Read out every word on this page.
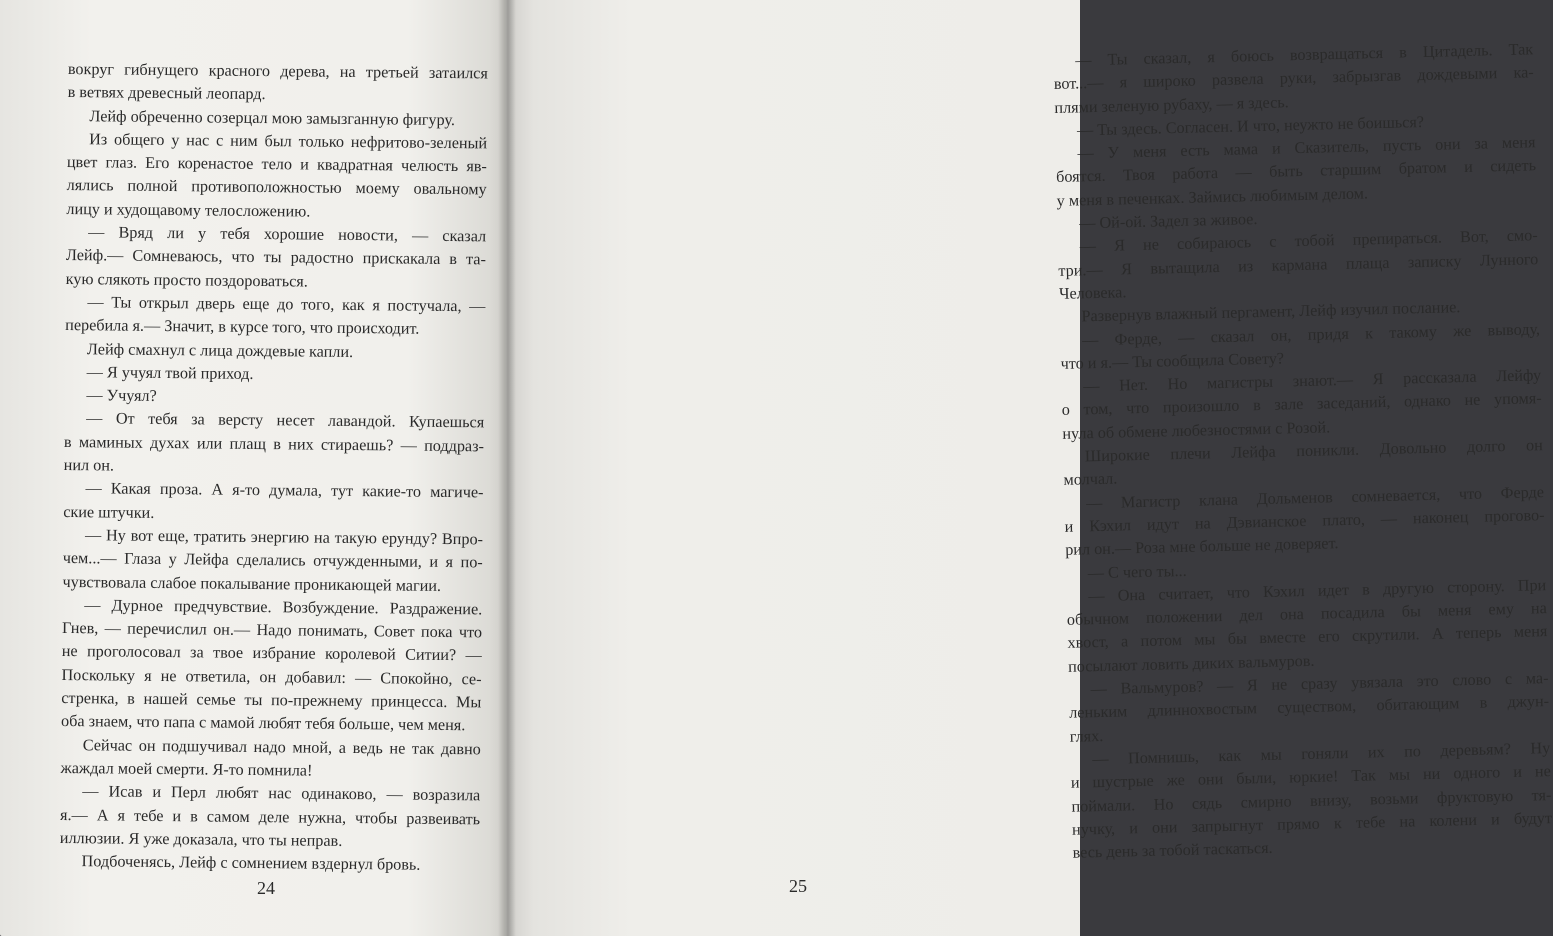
вокруг гибнущего красного дерева, на третьей затаился
в ветвях древесный леопард.
Лейф обреченно созерцал мою замызганную фигуру.
Из общего у нас с ним был только нефритово-зеленый
цвет глаз. Его коренастое тело и квадратная челюсть яв-
лялись полной противоположностью моему овальному
лицу и худощавому телосложению.
— Вряд ли у тебя хорошие новости, — сказал
Лейф.— Сомневаюсь, что ты радостно прискакала в та-
кую слякоть просто поздороваться.
— Ты открыл дверь еще до того, как я постучала, —
перебила я.— Значит, в курсе того, что происходит.
Лейф смахнул с лица дождевые капли.
— Я учуял твой приход.
— Учуял?
— От тебя за версту несет лавандой. Купаешься
в маминых духах или плащ в них стираешь? — поддраз-
нил он.
— Какая проза. А я-то думала, тут какие-то магиче-
ские штучки.
— Ну вот еще, тратить энергию на такую ерунду? Впро-
чем...— Глаза у Лейфа сделались отчужденными, и я по-
чувствовала слабое покалывание проникающей магии.
— Дурное предчувствие. Возбуждение. Раздражение.
Гнев, — перечислил он.— Надо понимать, Совет пока что
не проголосовал за твое избрание королевой Ситии? —
Поскольку я не ответила, он добавил: — Спокойно, се-
стренка, в нашей семье ты по-прежнему принцесса. Мы
оба знаем, что папа с мамой любят тебя больше, чем меня.
Сейчас он подшучивал надо мной, а ведь не так давно
жаждал моей смерти. Я-то помнила!
— Исав и Перл любят нас одинаково, — возразила
я.— А я тебе и в самом деле нужна, чтобы развеивать
иллюзии. Я уже доказала, что ты неправ.
Подбоченясь, Лейф с сомнением вздернул бровь.
24
— Ты сказал, я боюсь возвращаться в Цитадель. Так
вот...— я широко развела руки, забрызгав дождевыми ка-
плями зеленую рубаху, — я здесь.
— Ты здесь. Согласен. И что, неужто не боишься?
— У меня есть мама и Сказитель, пусть они за меня
боятся. Твоя работа — быть старшим братом и сидеть
у меня в печенках. Займись любимым делом.
— Ой-ой. Задел за живое.
— Я не собираюсь с тобой препираться. Вот, смо-
три.— Я вытащила из кармана плаща записку Лунного
Человека.
Развернув влажный пергамент, Лейф изучил послание.
— Ферде, — сказал он, придя к такому же выводу,
что и я.— Ты сообщила Совету?
— Нет. Но магистры знают.— Я рассказала Лейфу
о том, что произошло в зале заседаний, однако не упомя-
нула об обмене любезностями с Розой.
Широкие плечи Лейфа поникли. Довольно долго он
молчал.
— Магистр клана Дольменов сомневается, что Ферде
и Кэхил идут на Дэвианское плато, — наконец прогово-
рил он.— Роза мне больше не доверяет.
— С чего ты...
— Она считает, что Кэхил идет в другую сторону. При
обычном положении дел она посадила бы меня ему на
хвост, а потом мы бы вместе его скрутили. А теперь меня
посылают ловить диких вальмуров.
— Вальмуров? — Я не сразу увязала это слово с ма-
леньким длиннохвостым существом, обитающим в джун-
глях.
— Помнишь, как мы гоняли их по деревьям? Ну
и шустрые же они были, юркие! Так мы ни одного и не
поймали. Но сядь смирно внизу, возьми фруктовую тя-
нучку, и они запрыгнут прямо к тебе на колени и будут
весь день за тобой таскаться.
25
